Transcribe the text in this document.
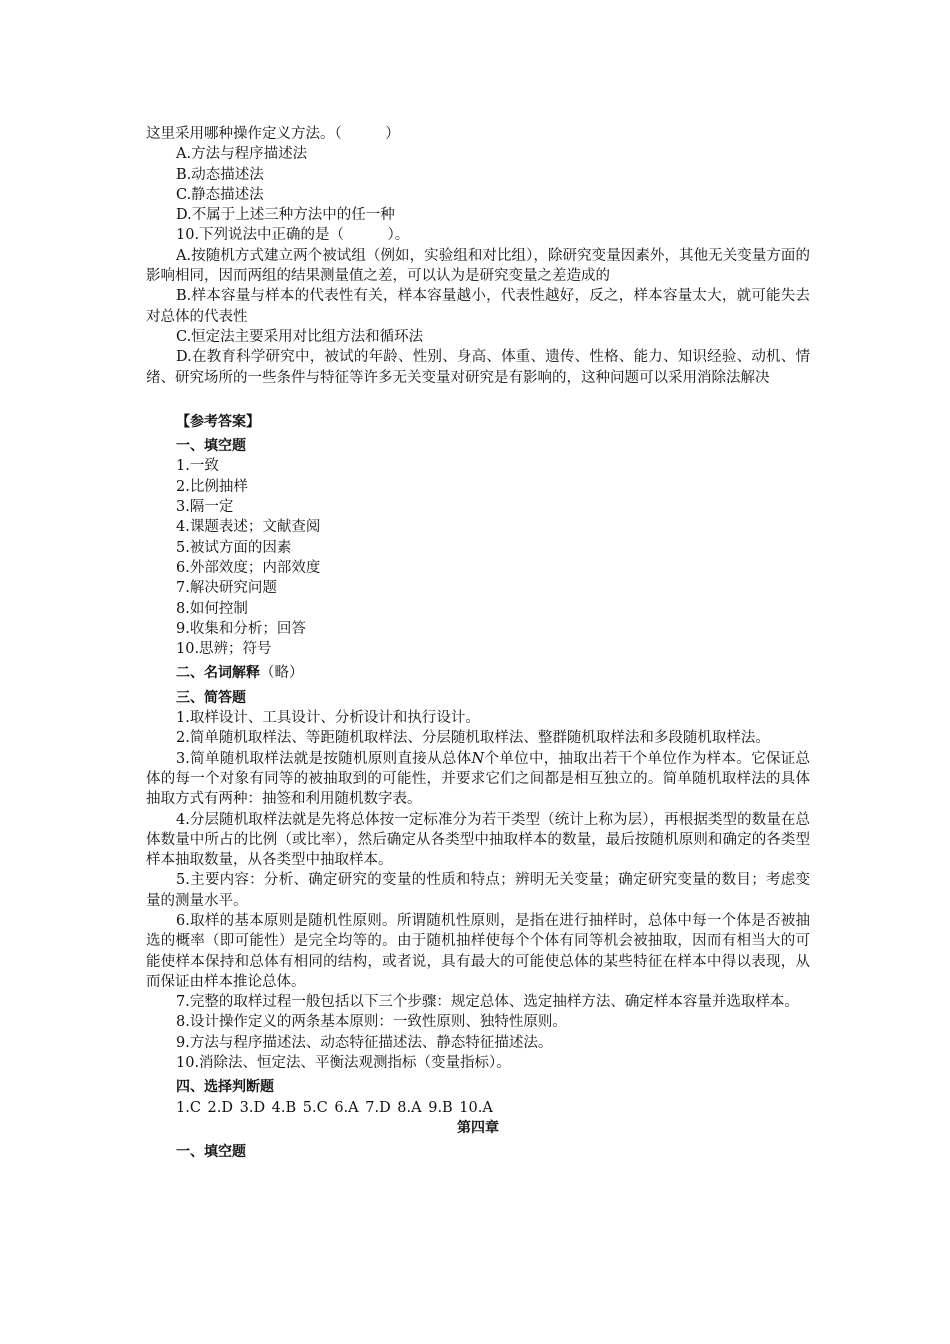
这里采用哪种操作定义方法。（　　　）

A.方法与程序描述法

B.动态描述法

C.静态描述法

D.不属于上述三种方法中的任一种

10.下列说法中正确的是（　　　）。

A.按随机方式建立两个被试组（例如，实验组和对比组），除研究变量因素外，其他无关变量方面的影响相同，因而两组的结果测量值之差，可以认为是研究变量之差造成的

B.样本容量与样本的代表性有关，样本容量越小，代表性越好，反之，样本容量太大，就可能失去对总体的代表性

C.恒定法主要采用对比组方法和循环法

D.在教育科学研究中，被试的年龄、性别、身高、体重、遗传、性格、能力、知识经验、动机、情绪、研究场所的一些条件与特征等许多无关变量对研究是有影响的，这种问题可以采用消除法解决

【参考答案】

一、填空题

1.一致

2.比例抽样

3.隔一定

4.课题表述；文献查阅

5.被试方面的因素

6.外部效度；内部效度

7.解决研究问题

8.如何控制

9.收集和分析；回答

10.思辨；符号

二、名词解释（略）

三、简答题

1.取样设计、工具设计、分析设计和执行设计。

2.简单随机取样法、等距随机取样法、分层随机取样法、整群随机取样法和多段随机取样法。

3.简单随机取样法就是按随机原则直接从总体N个单位中，抽取出若干个单位作为样本。它保证总体的每一个对象有同等的被抽取到的可能性，并要求它们之间都是相互独立的。简单随机取样法的具体抽取方式有两种：抽签和利用随机数字表。

4.分层随机取样法就是先将总体按一定标准分为若干类型（统计上称为层），再根据类型的数量在总体数量中所占的比例（或比率），然后确定从各类型中抽取样本的数量，最后按随机原则和确定的各类型样本抽取数量，从各类型中抽取样本。

5.主要内容：分析、确定研究的变量的性质和特点；辨明无关变量；确定研究变量的数目；考虑变量的测量水平。

6.取样的基本原则是随机性原则。所谓随机性原则，是指在进行抽样时，总体中每一个体是否被抽选的概率（即可能性）是完全均等的。由于随机抽样使每个个体有同等机会被抽取，因而有相当大的可能使样本保持和总体有相同的结构，或者说，具有最大的可能使总体的某些特征在样本中得以表现，从而保证由样本推论总体。

7.完整的取样过程一般包括以下三个步骤：规定总体、选定抽样方法、确定样本容量并选取样本。

8.设计操作定义的两条基本原则：一致性原则、独特性原则。

9.方法与程序描述法、动态特征描述法、静态特征描述法。

10.消除法、恒定法、平衡法观测指标（变量指标）。

四、选择判断题

1.C 2.D 3.D 4.B 5.C 6.A 7.D 8.A 9.B 10.A

第四章

一、填空题
